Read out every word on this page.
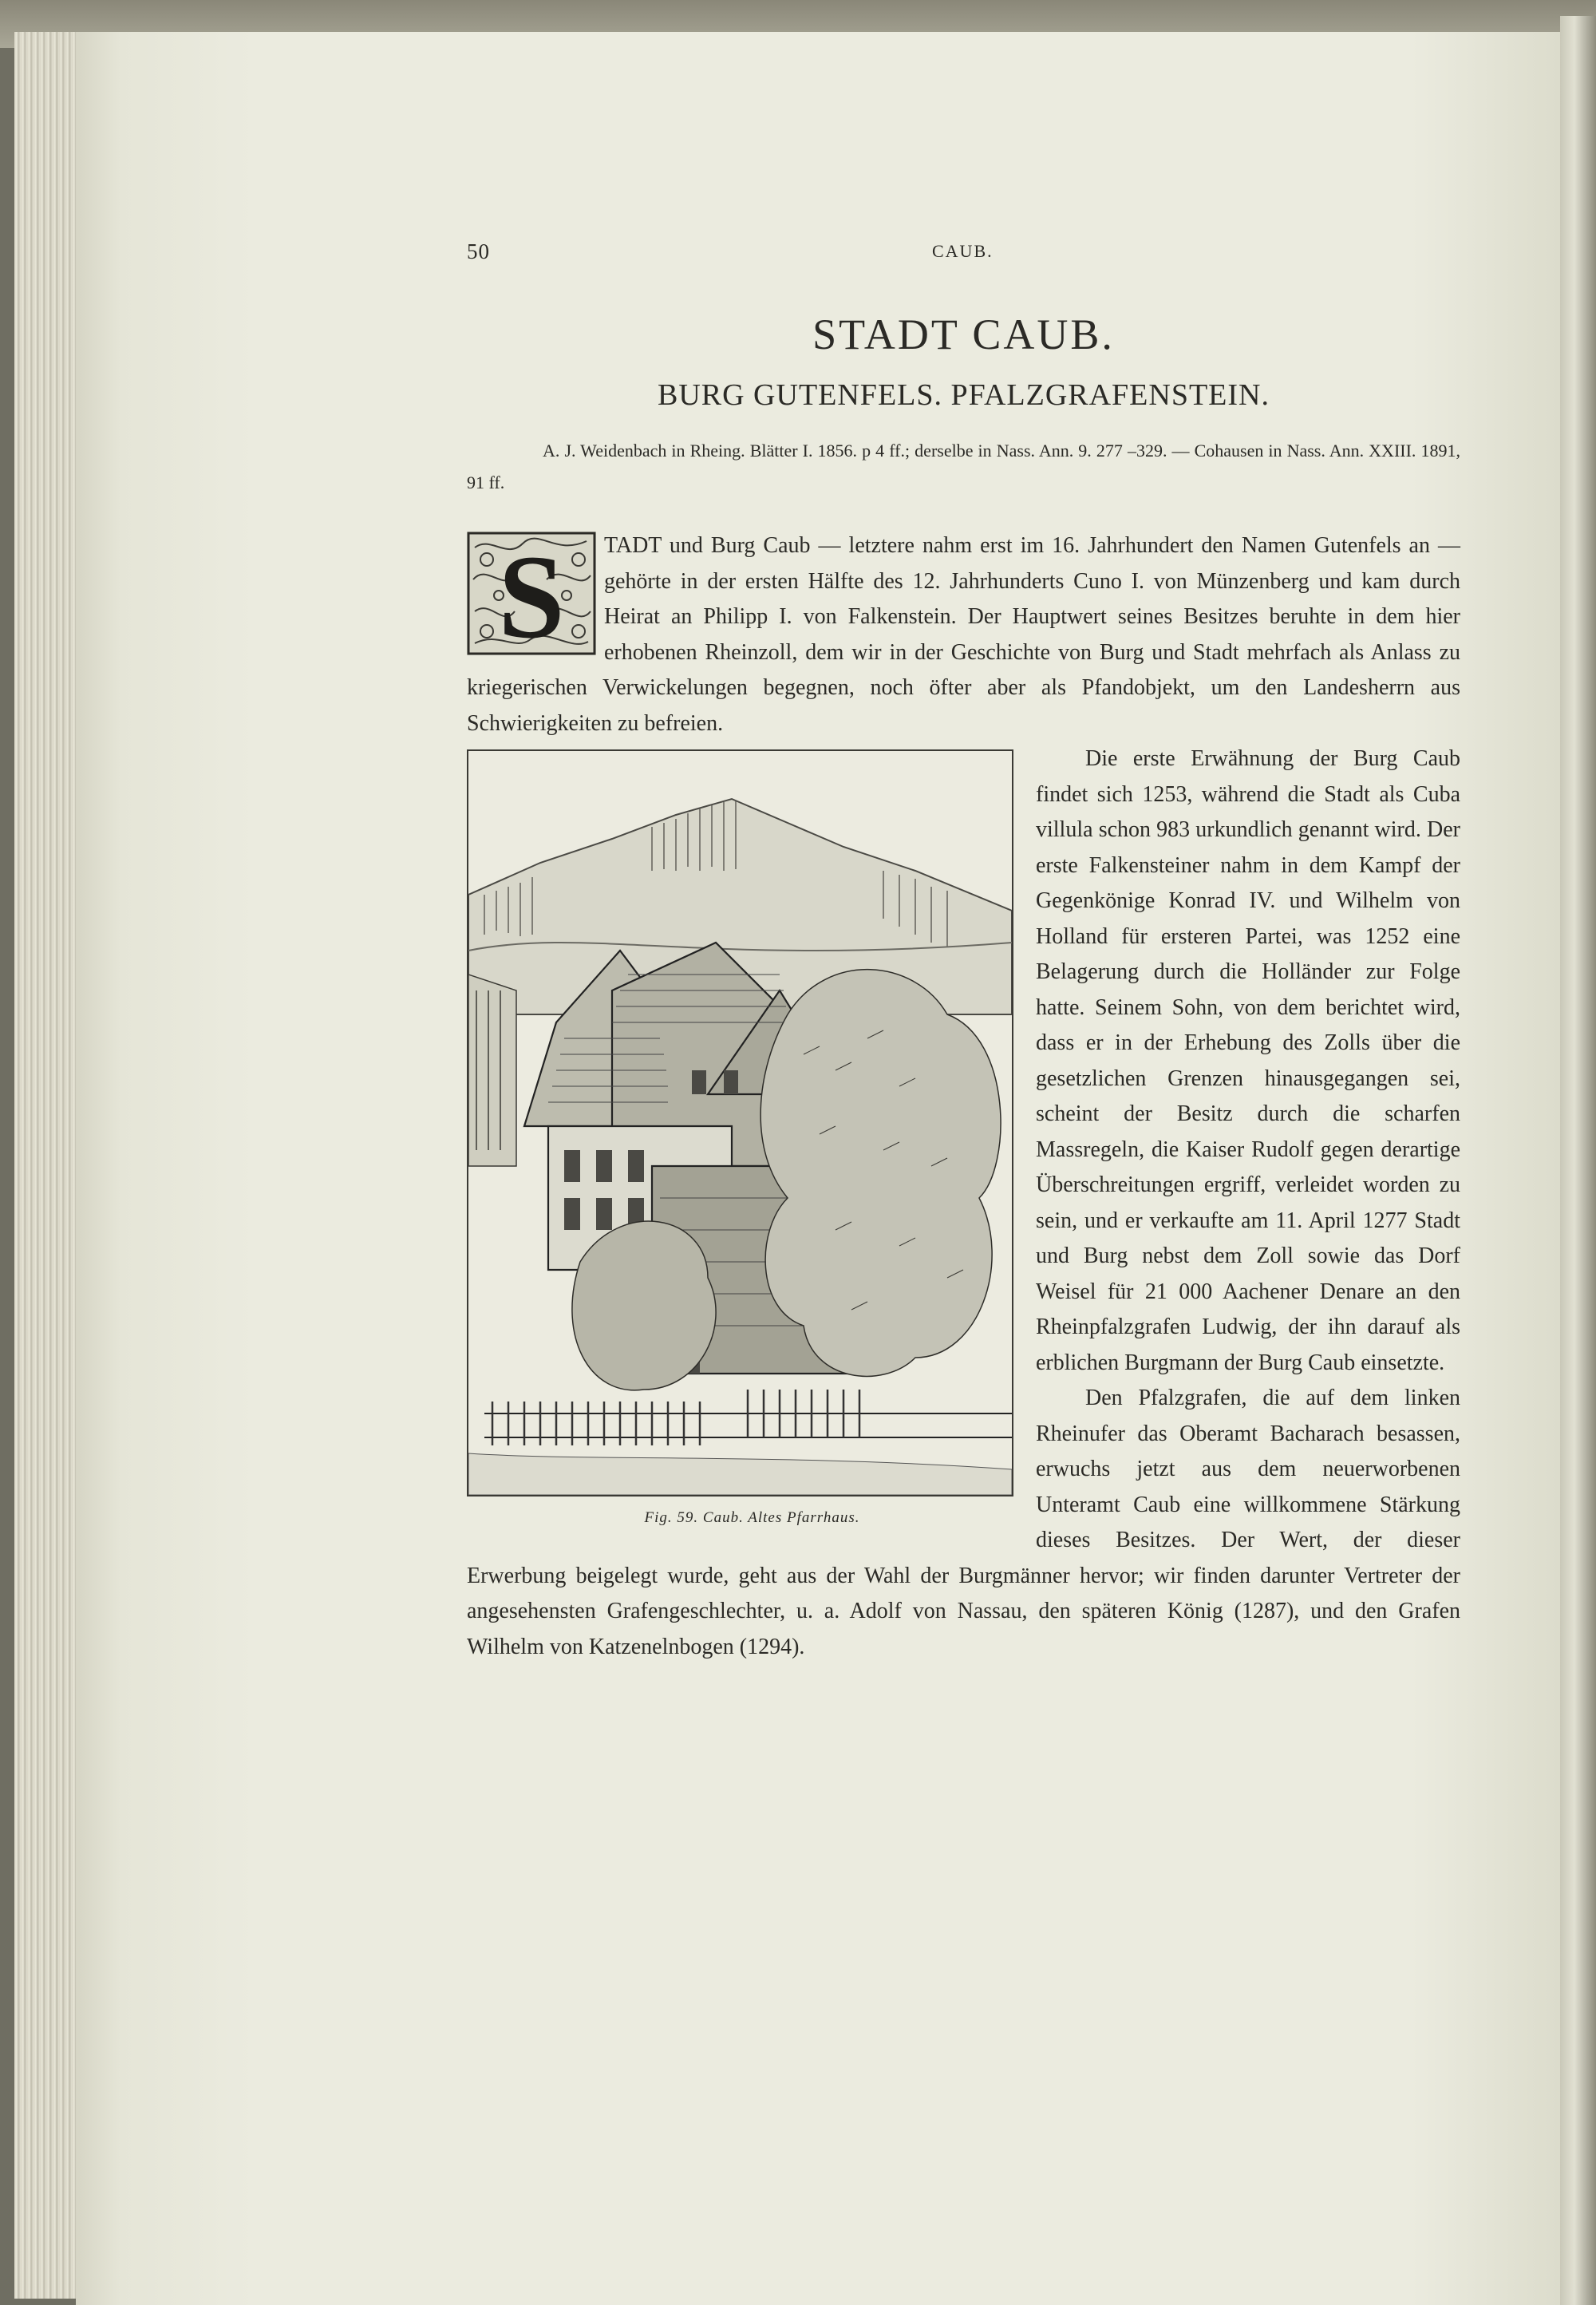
50	CAUB.
STADT CAUB.
BURG GUTENFELS. PFALZGRAFENSTEIN.

A. J. Weidenbach in Rheing. Blätter I. 1856. p 4 ff.; derselbe in Nass. Ann. 9. 277 –329. — Cohausen in Nass. Ann. XXIII. 1891, 91 ff.

S	TADT und Burg Caub — letztere nahm erst im 16. Jahrhundert den Namen Gutenfels an — gehörte in der ersten Hälfte des 12. Jahrhunderts Cuno I. von Münzenberg und kam durch Heirat an Philipp I. von Falkenstein. Der Hauptwert seines Besitzes beruhte in dem hier erhobenen Rheinzoll, dem wir in der Geschichte von Burg und Stadt mehrfach als Anlass zu kriegerischen Verwickelungen begegnen, noch öfter aber als Pfandobjekt, um den Landesherrn aus Schwierigkeiten zu befreien.

Fig. 59. Caub. Altes Pfarrhaus.

Die erste Erwähnung der Burg Caub findet sich 1253, während die Stadt als Cuba villula schon 983 urkundlich genannt wird. Der erste Falkensteiner nahm in dem Kampf der Gegenkönige Konrad IV. und Wilhelm von Holland für ersteren Partei, was 1252 eine Belagerung durch die Holländer zur Folge hatte. Seinem Sohn, von dem berichtet wird, dass er in der Erhebung des Zolls über die gesetzlichen Grenzen hinausgegangen sei, scheint der Besitz durch die scharfen Massregeln, die Kaiser Rudolf gegen derartige Überschreitungen ergriff, verleidet worden zu sein, und er verkaufte am 11. April 1277 Stadt und Burg nebst dem Zoll sowie das Dorf Weisel für 21 000 Aachener Denare an den Rheinpfalzgrafen Ludwig, der ihn darauf als erblichen Burgmann der Burg Caub einsetzte.

Den Pfalzgrafen, die auf dem linken Rheinufer das Oberamt Bacharach besassen, erwuchs jetzt aus dem neuerworbenen Unteramt Caub eine willkommene Stärkung dieses Besitzes. Der Wert, der dieser Erwerbung beigelegt wurde, geht aus der Wahl der Burgmänner hervor; wir finden darunter Vertreter der angesehensten Grafengeschlechter, u. a. Adolf von Nassau, den späteren König (1287), und den Grafen Wilhelm von Katzenelnbogen (1294).
